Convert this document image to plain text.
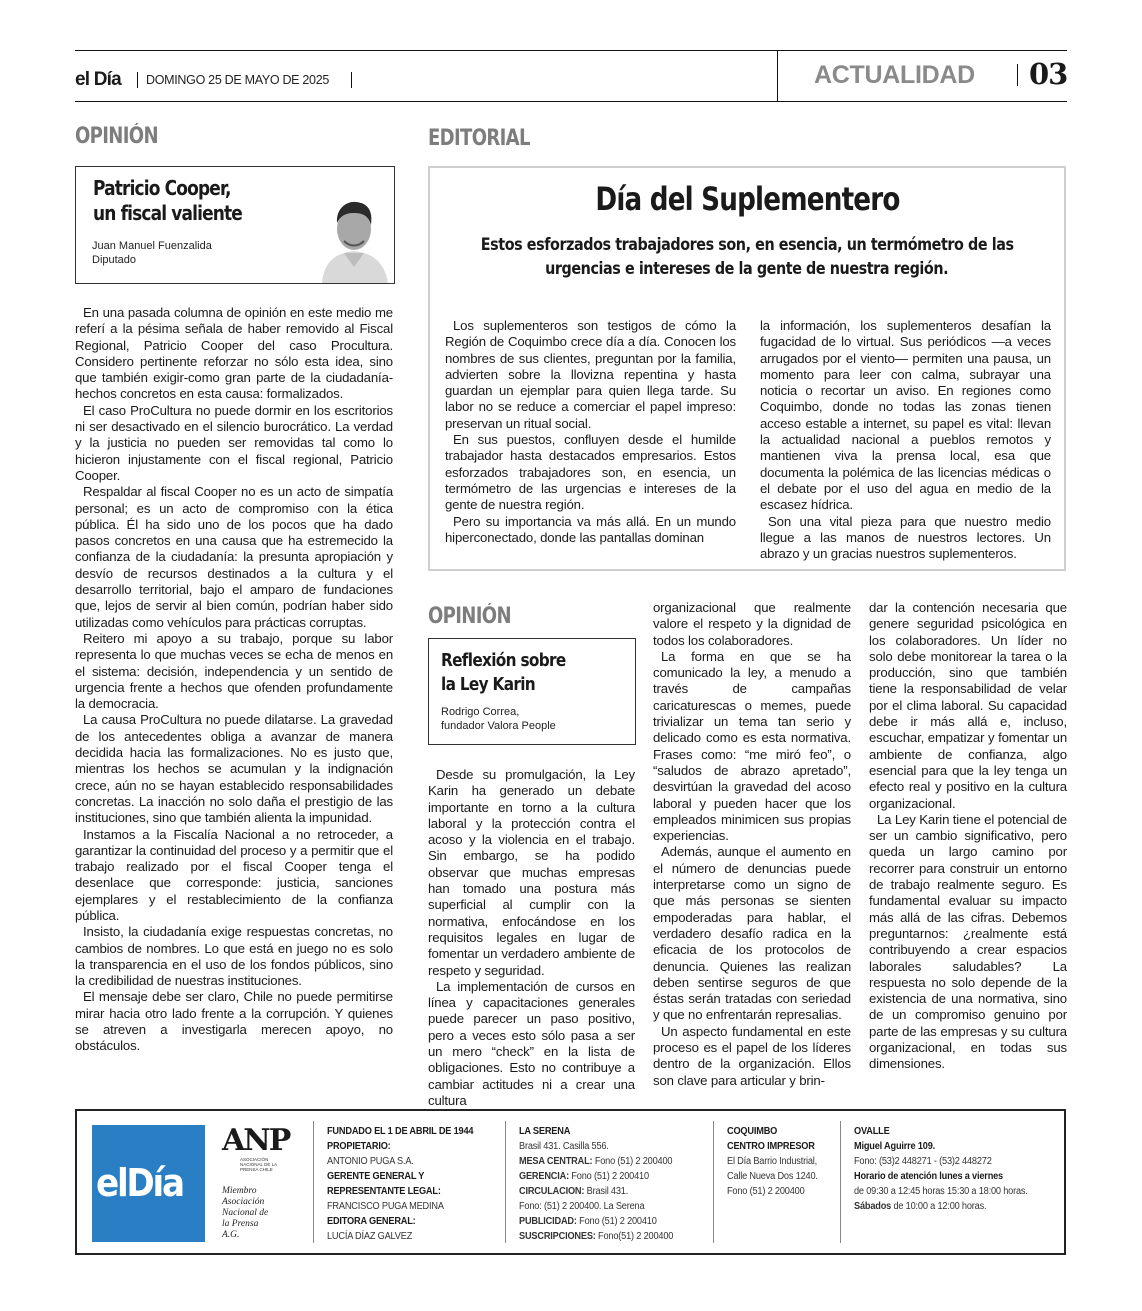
el Día DOMINGO 25 DE MAYO DE 2025	ACTUALIDAD 03
OPINIÓN
Patricio Cooper,
un fiscal valiente
Juan Manuel Fuenzalida
Diputado

En una pasada columna de opinión en este medio me referí a la pésima señala de haber removido al Fiscal Regional, Patricio Cooper del caso Procultura. Considero pertinente reforzar no sólo esta idea, sino que también exigir-como gran parte de la ciudadanía- hechos concretos en esta causa: formalizados.

El caso ProCultura no puede dormir en los escritorios ni ser desactivado en el silencio burocrático. La verdad y la justicia no pueden ser removidas tal como lo hicieron injustamente con el fiscal regional, Patricio Cooper.

Respaldar al fiscal Cooper no es un acto de simpatía personal; es un acto de compromiso con la ética pública. Él ha sido uno de los pocos que ha dado pasos concretos en una causa que ha estremecido la confianza de la ciudadanía: la presunta apropiación y desvío de recursos destinados a la cultura y el desarrollo territorial, bajo el amparo de fundaciones que, lejos de servir al bien común, podrían haber sido utilizadas como vehículos para prácticas corruptas.

Reitero mi apoyo a su trabajo, porque su labor representa lo que muchas veces se echa de menos en el sistema: decisión, independencia y un sentido de urgencia frente a hechos que ofenden profundamente la democracia.

La causa ProCultura no puede dilatarse. La gravedad de los antecedentes obliga a avanzar de manera decidida hacia las formalizaciones. No es justo que, mientras los hechos se acumulan y la indignación crece, aún no se hayan establecido responsabilidades concretas. La inacción no solo daña el prestigio de las instituciones, sino que también alienta la impunidad.

Instamos a la Fiscalía Nacional a no retroceder, a garantizar la continuidad del proceso y a permitir que el trabajo realizado por el fiscal Cooper tenga el desenlace que corresponde: justicia, sanciones ejemplares y el restablecimiento de la confianza pública.

Insisto, la ciudadanía exige respuestas concretas, no cambios de nombres. Lo que está en juego no es solo la transparencia en el uso de los fondos públicos, sino la credibilidad de nuestras instituciones.

El mensaje debe ser claro, Chile no puede permitirse mirar hacia otro lado frente a la corrupción. Y quienes se atreven a investigarla merecen apoyo, no obstáculos.

EDITORIAL
Día del Suplementero
Estos esforzados trabajadores son, en esencia, un termómetro de las
urgencias e intereses de la gente de nuestra región.

Los suplementeros son testigos de cómo la Región de Coquimbo crece día a día. Conocen los nombres de sus clientes, preguntan por la familia, advierten sobre la llovizna repentina y hasta guardan un ejemplar para quien llega tarde. Su labor no se reduce a comerciar el papel impreso: preservan un ritual social.

En sus puestos, confluyen desde el humilde trabajador hasta destacados empresarios. Estos esforzados trabajadores son, en esencia, un termómetro de las urgencias e intereses de la gente de nuestra región.

Pero su importancia va más allá. En un mundo hiperconectado, donde las pantallas dominan

la información, los suplementeros desafían la fugacidad de lo virtual. Sus periódicos —a veces arrugados por el viento— permiten una pausa, un momento para leer con calma, subrayar una noticia o recortar un aviso. En regiones como Coquimbo, donde no todas las zonas tienen acceso estable a internet, su papel es vital: llevan la actualidad nacional a pueblos remotos y mantienen viva la prensa local, esa que documenta la polémica de las licencias médicas o el debate por el uso del agua en medio de la escasez hídrica.

Son una vital pieza para que nuestro medio llegue a las manos de nuestros lectores. Un abrazo y un gracias nuestros suplementeros.

OPINIÓN
Reflexión sobre
la Ley Karin
Rodrigo Correa,
fundador Valora People

Desde su promulgación, la Ley Karin ha generado un debate importante en torno a la cultura laboral y la protección contra el acoso y la violencia en el trabajo. Sin embargo, se ha podido observar que muchas empresas han tomado una postura más superficial al cumplir con la normativa, enfocándose en los requisitos legales en lugar de fomentar un verdadero ambiente de respeto y seguridad.

La implementación de cursos en línea y capacitaciones generales puede parecer un paso positivo, pero a veces esto sólo pasa a ser un mero “check” en la lista de obligaciones. Esto no contribuye a cambiar actitudes ni a crear una cultura

organizacional que realmente valore el respeto y la dignidad de todos los colaboradores.

La forma en que se ha comunicado la ley, a menudo a través de campañas caricaturescas o memes, puede trivializar un tema tan serio y delicado como es esta normativa. Frases como: “me miró feo”, o “saludos de abrazo apretado”, desvirtúan la gravedad del acoso laboral y pueden hacer que los empleados minimicen sus propias experiencias.

Además, aunque el aumento en el número de denuncias puede interpretarse como un signo de que más personas se sienten empoderadas para hablar, el verdadero desafío radica en la eficacia de los protocolos de denuncia. Quienes las realizan deben sentirse seguros de que éstas serán tratadas con seriedad y que no enfrentarán represalias.

Un aspecto fundamental en este proceso es el papel de los líderes dentro de la organización. Ellos son clave para articular y brin-

dar la contención necesaria que genere seguridad psicológica en los colaboradores. Un líder no solo debe monitorear la tarea o la producción, sino que también tiene la responsabilidad de velar por el clima laboral. Su capacidad debe ir más allá e, incluso, escuchar, empatizar y fomentar un ambiente de confianza, algo esencial para que la ley tenga un efecto real y positivo en la cultura organizacional.

La Ley Karin tiene el potencial de ser un cambio significativo, pero queda un largo camino por recorrer para construir un entorno de trabajo realmente seguro. Es fundamental evaluar su impacto más allá de las cifras. Debemos preguntarnos: ¿realmente está contribuyendo a crear espacios laborales saludables? La respuesta no solo depende de la existencia de una normativa, sino de un compromiso genuino por parte de las empresas y su cultura organizacional, en todas sus dimensiones.

elDía
ANP
ASOCIACIÓN NACIONAL DE LA PRENSA CHILE
Miembro
Asociación
Nacional de
la Prensa
A.G.
FUNDADO EL 1 DE ABRIL DE 1944
PROPIETARIO:
ANTONIO PUGA S.A.
GERENTE GENERAL Y
REPRESENTANTE LEGAL:
FRANCISCO PUGA MEDINA
EDITORA GENERAL:
LUCÍA DÍAZ GALVEZ
LA SERENA
Brasil 431. Casilla 556.
MESA CENTRAL: Fono (51) 2 200400
GERENCIA: Fono (51) 2 200410
CIRCULACION: Brasil 431.
Fono: (51) 2 200400. La Serena
PUBLICIDAD: Fono (51) 2 200410
SUSCRIPCIONES: Fono(51) 2 200400
COQUIMBO
CENTRO IMPRESOR
El Día Barrio Industrial,
Calle Nueva Dos 1240.
Fono (51) 2 200400
OVALLE
Miguel Aguirre 109.
Fono: (53)2 448271 - (53)2 448272
Horario de atención lunes a viernes
de 09:30 a 12:45 horas 15:30 a 18:00 horas.
Sábados de 10:00 a 12:00 horas.
